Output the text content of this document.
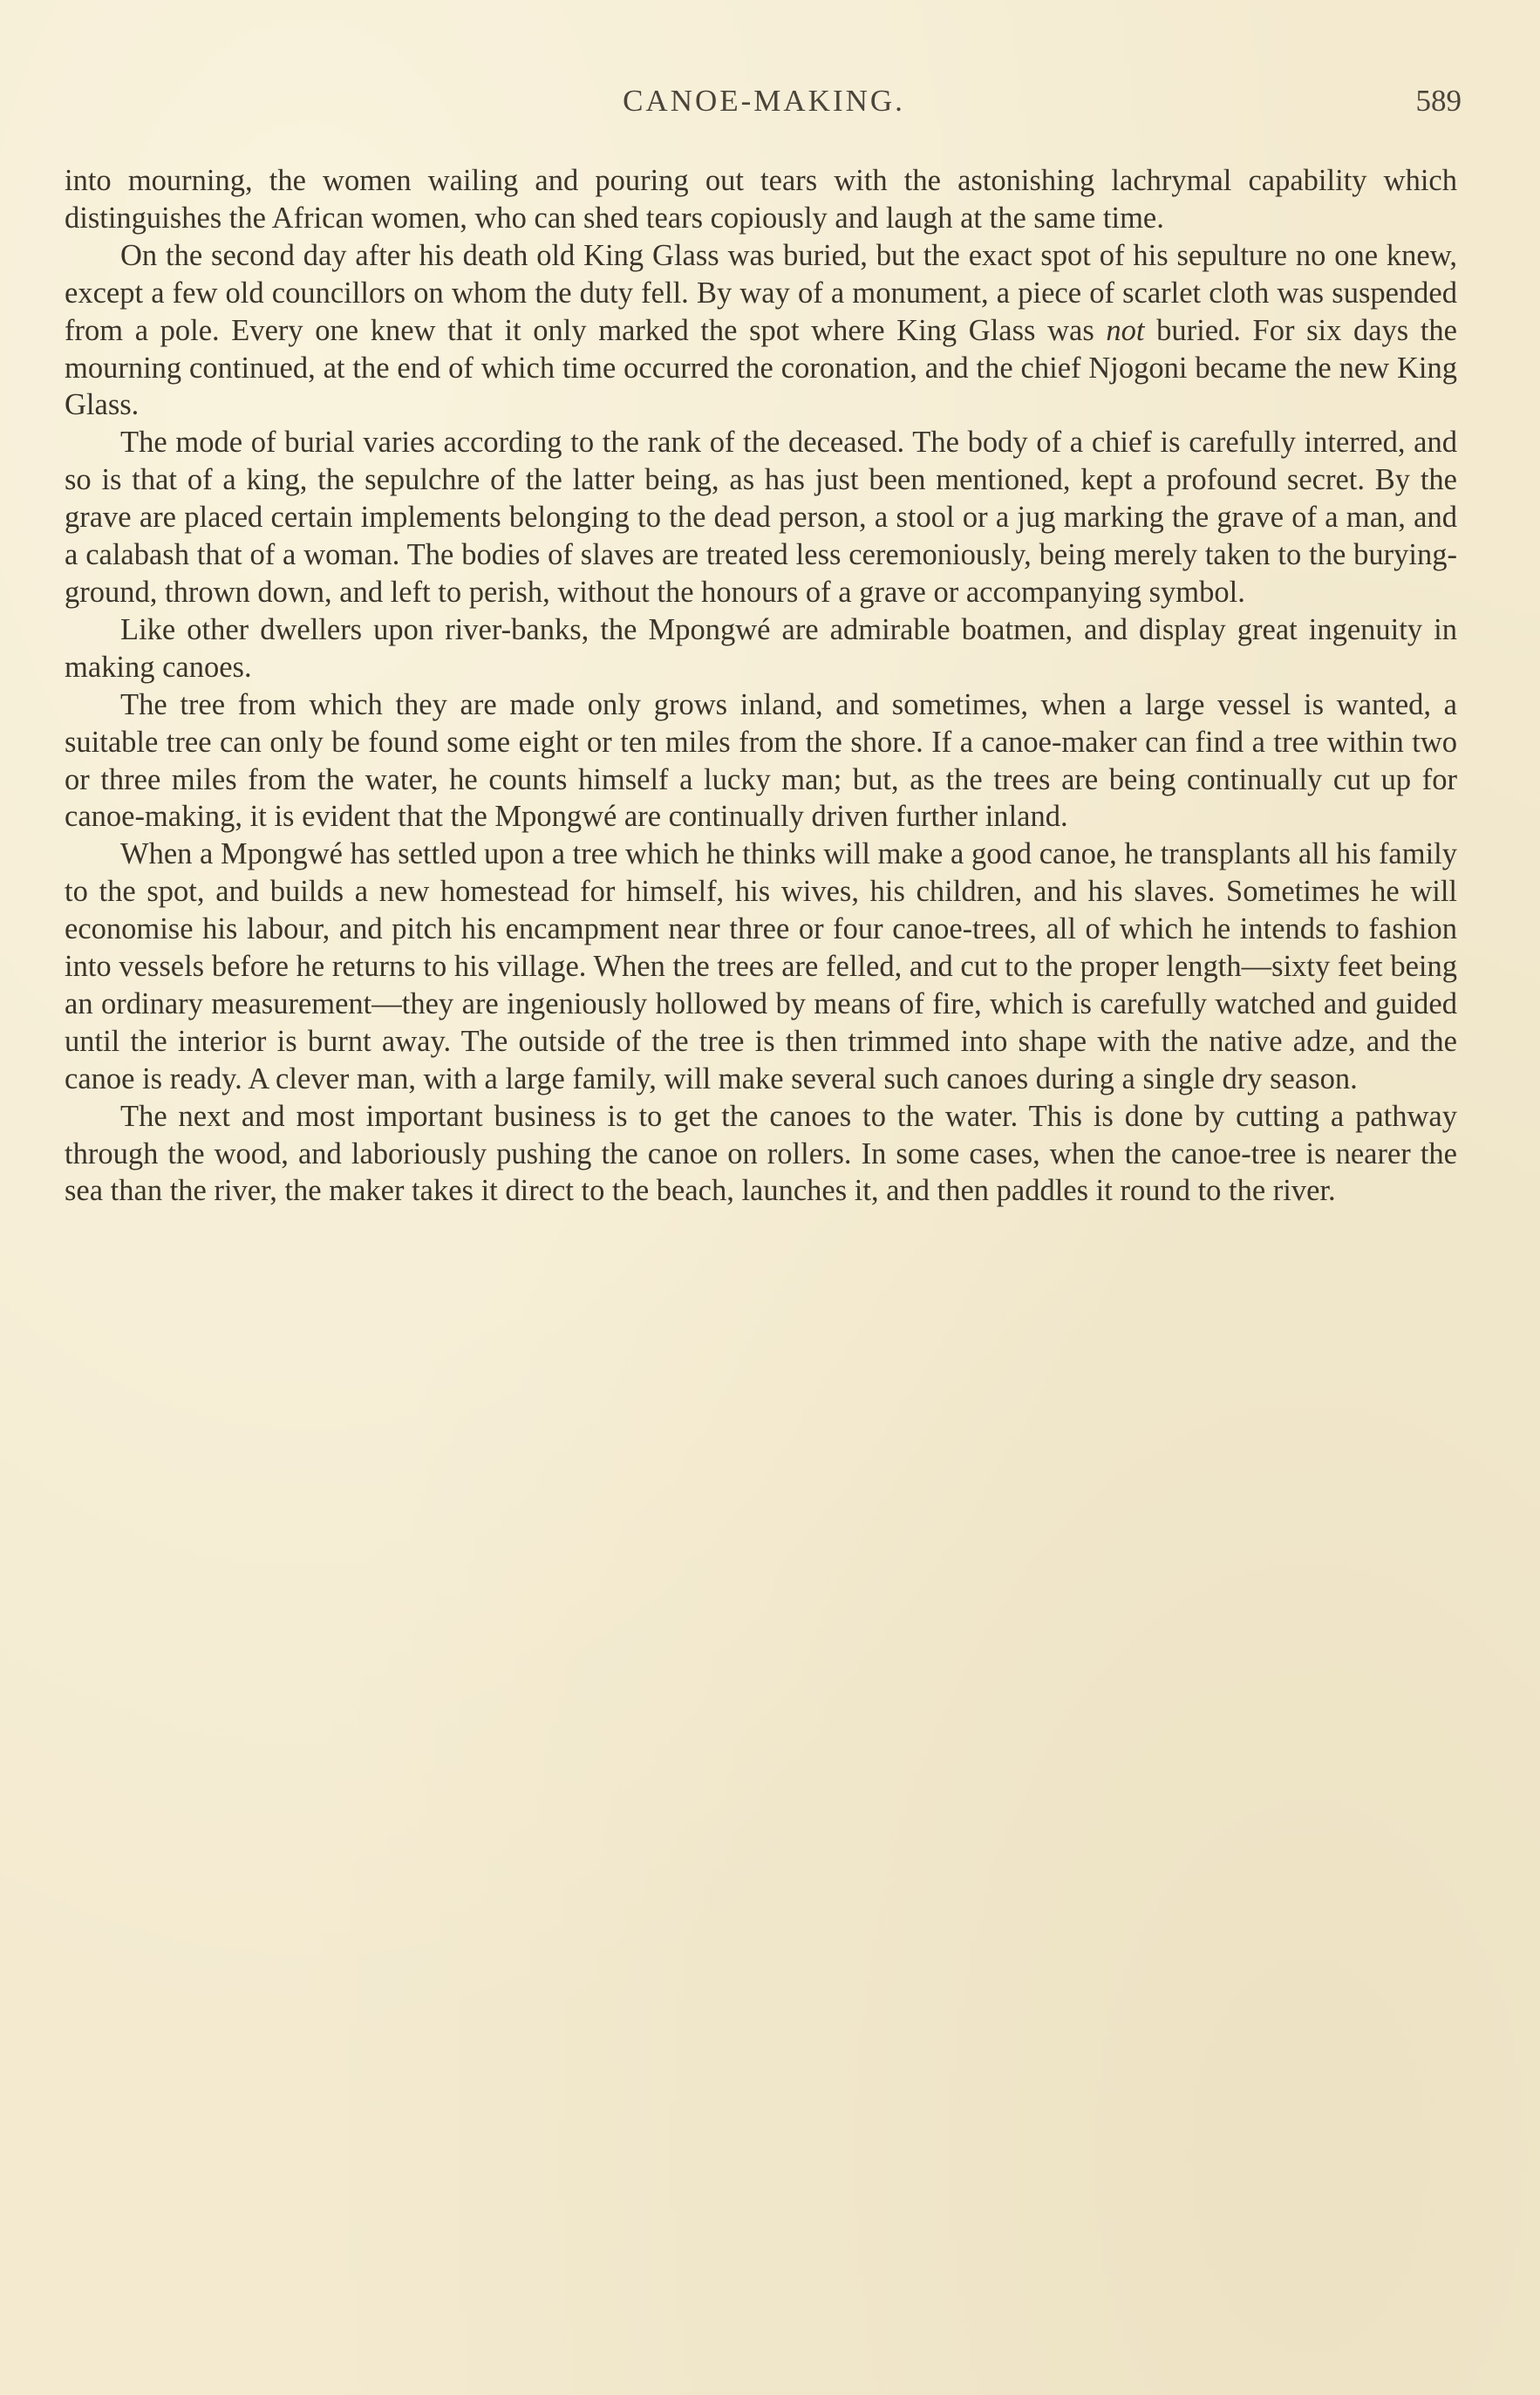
CANOE-MAKING.	589

into mourning, the women wailing and pouring out tears with the astonishing lachrymal capability which distinguishes the African women, who can shed tears copiously and laugh at the same time.

On the second day after his death old King Glass was buried, but the exact spot of his sepulture no one knew, except a few old councillors on whom the duty fell. By way of a monument, a piece of scarlet cloth was suspended from a pole. Every one knew that it only marked the spot where King Glass was not buried. For six days the mourning continued, at the end of which time occurred the coronation, and the chief Njogoni became the new King Glass.

The mode of burial varies according to the rank of the deceased. The body of a chief is carefully interred, and so is that of a king, the sepulchre of the latter being, as has just been mentioned, kept a profound secret. By the grave are placed certain implements belonging to the dead person, a stool or a jug marking the grave of a man, and a calabash that of a woman. The bodies of slaves are treated less ceremoniously, being merely taken to the burying-ground, thrown down, and left to perish, without the honours of a grave or accompanying symbol.

Like other dwellers upon river-banks, the Mpongwé are admirable boatmen, and display great ingenuity in making canoes.

The tree from which they are made only grows inland, and sometimes, when a large vessel is wanted, a suitable tree can only be found some eight or ten miles from the shore. If a canoe-maker can find a tree within two or three miles from the water, he counts himself a lucky man; but, as the trees are being continually cut up for canoe-making, it is evident that the Mpongwé are continually driven further inland.

When a Mpongwé has settled upon a tree which he thinks will make a good canoe, he transplants all his family to the spot, and builds a new homestead for himself, his wives, his children, and his slaves. Sometimes he will economise his labour, and pitch his encampment near three or four canoe-trees, all of which he intends to fashion into vessels before he returns to his village. When the trees are felled, and cut to the proper length—sixty feet being an ordinary measurement—they are ingeniously hollowed by means of fire, which is carefully watched and guided until the interior is burnt away. The outside of the tree is then trimmed into shape with the native adze, and the canoe is ready. A clever man, with a large family, will make several such canoes during a single dry season.

The next and most important business is to get the canoes to the water. This is done by cutting a pathway through the wood, and laboriously pushing the canoe on rollers. In some cases, when the canoe-tree is nearer the sea than the river, the maker takes it direct to the beach, launches it, and then paddles it round to the river.
